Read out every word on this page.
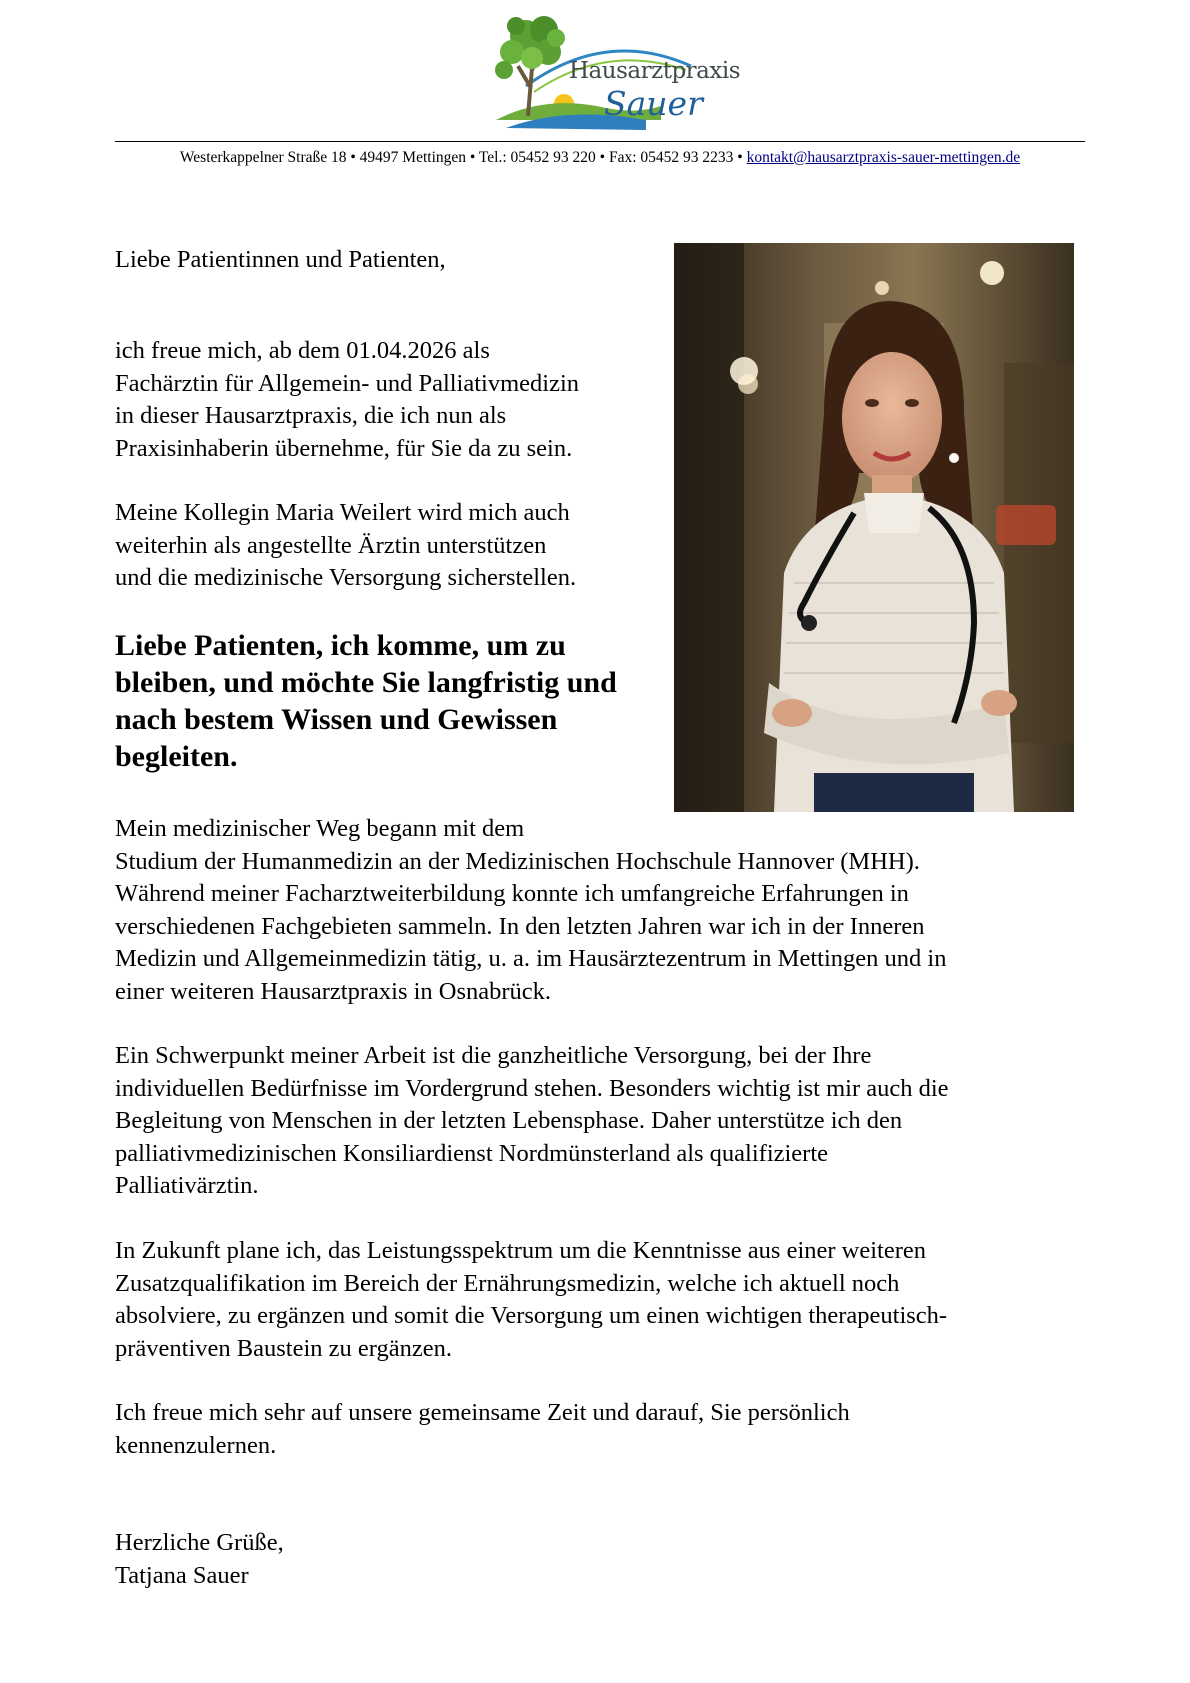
Hausarztpraxis
Sauer
Westerkappelner Straße 18 • 49497 Mettingen • Tel.: 05452 93 220 • Fax: 05452 93 2233 • kontakt@hausarztpraxis-sauer-mettingen.de
Liebe Patientinnen und Patienten,
ich freue mich, ab dem 01.04.2026 als
Fachärztin für Allgemein- und Palliativmedizin
in dieser Hausarztpraxis, die ich nun als
Praxisinhaberin übernehme, für Sie da zu sein.
Meine Kollegin Maria Weilert wird mich auch
weiterhin als angestellte Ärztin unterstützen
und die medizinische Versorgung sicherstellen.
Liebe Patienten, ich komme, um zu
bleiben, und möchte Sie langfristig und
nach bestem Wissen und Gewissen
begleiten.
Mein medizinischer Weg begann mit dem
Studium der Humanmedizin an der Medizinischen Hochschule Hannover (MHH).
Während meiner Facharztweiterbildung konnte ich umfangreiche Erfahrungen in
verschiedenen Fachgebieten sammeln. In den letzten Jahren war ich in der Inneren
Medizin und Allgemeinmedizin tätig, u. a. im Hausärztezentrum in Mettingen und in
einer weiteren Hausarztpraxis in Osnabrück.
Ein Schwerpunkt meiner Arbeit ist die ganzheitliche Versorgung, bei der Ihre
individuellen Bedürfnisse im Vordergrund stehen. Besonders wichtig ist mir auch die
Begleitung von Menschen in der letzten Lebensphase. Daher unterstütze ich den
palliativmedizinischen Konsiliardienst Nordmünsterland als qualifizierte
Palliativärztin.
In Zukunft plane ich, das Leistungsspektrum um die Kenntnisse aus einer weiteren
Zusatzqualifikation im Bereich der Ernährungsmedizin, welche ich aktuell noch
absolviere, zu ergänzen und somit die Versorgung um einen wichtigen therapeutisch-
präventiven Baustein zu ergänzen.
Ich freue mich sehr auf unsere gemeinsame Zeit und darauf, Sie persönlich
kennenzulernen.
Herzliche Grüße,
Tatjana Sauer
